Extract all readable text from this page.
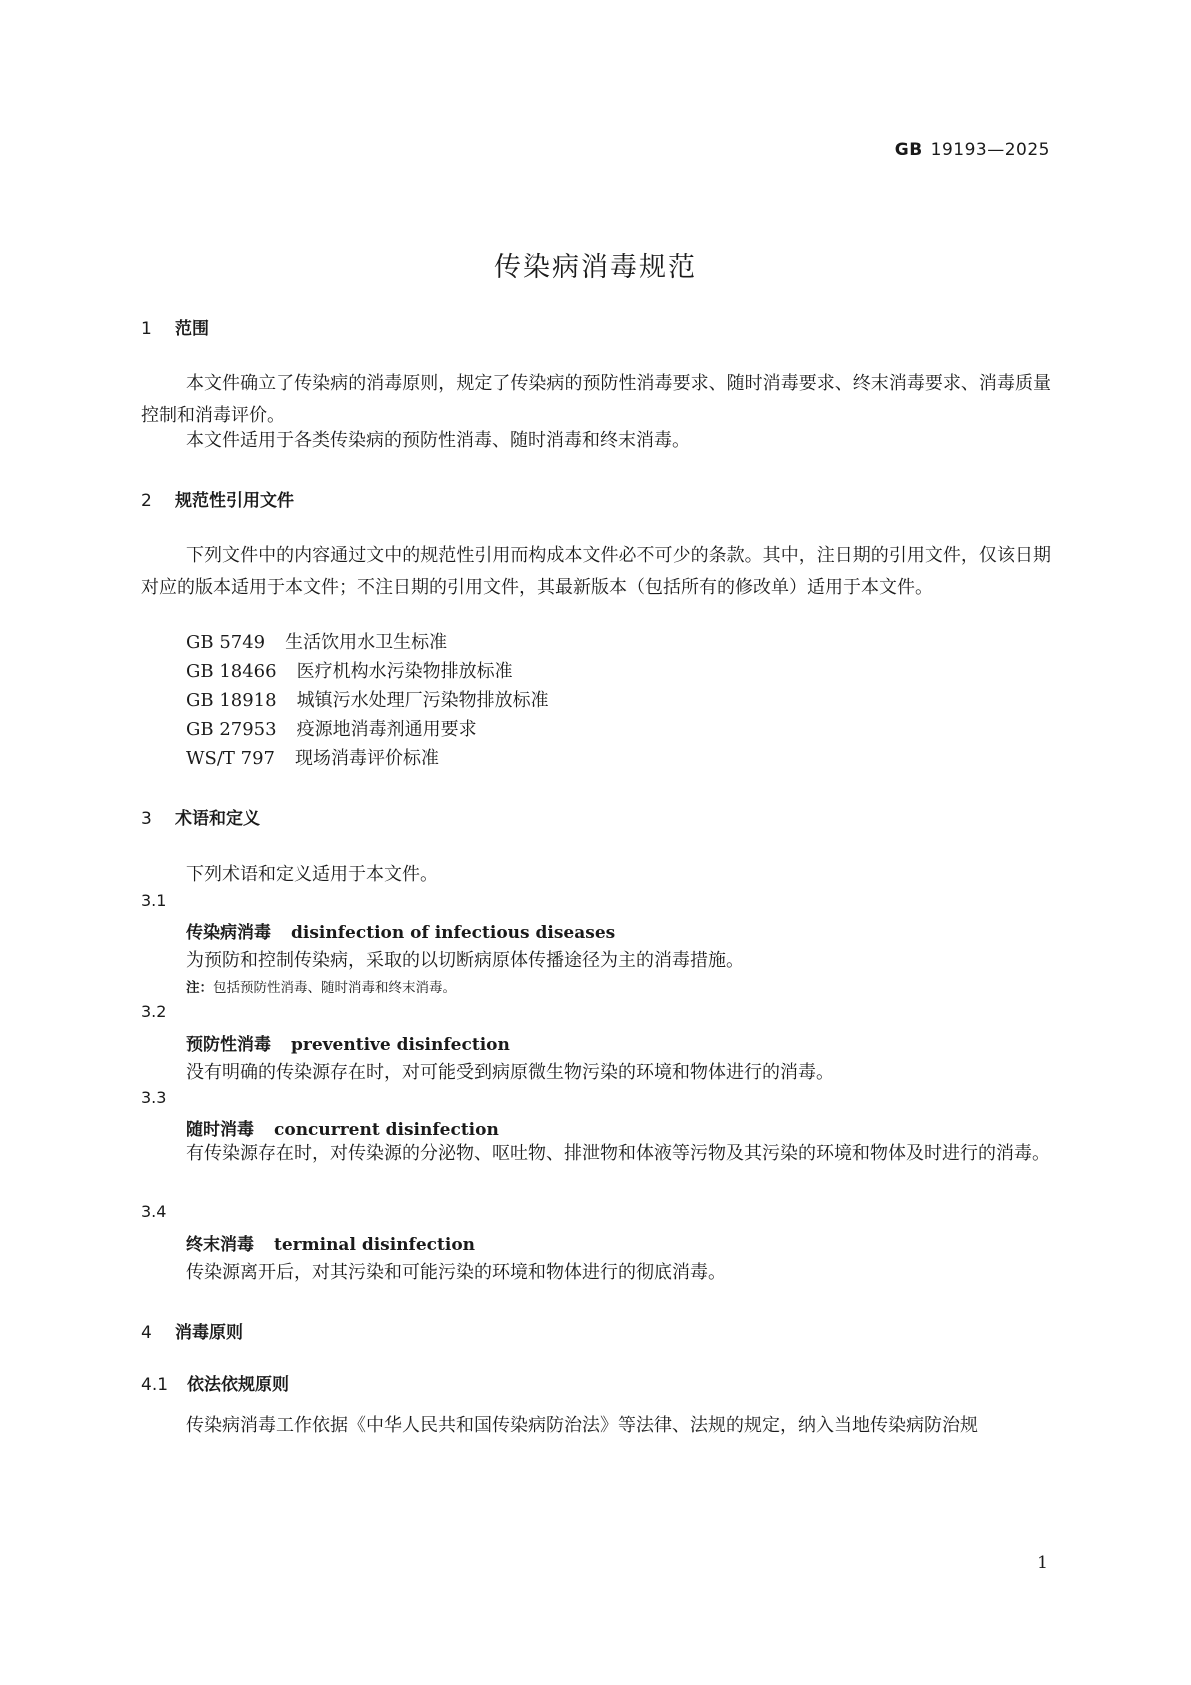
GB 19193—2025
传染病消毒规范
1 范围
本文件确立了传染病的消毒原则，规定了传染病的预防性消毒要求、随时消毒要求、终末消毒要求、消毒质量控制和消毒评价。
本文件适用于各类传染病的预防性消毒、随时消毒和终末消毒。
2 规范性引用文件
下列文件中的内容通过文中的规范性引用而构成本文件必不可少的条款。其中，注日期的引用文件，仅该日期对应的版本适用于本文件；不注日期的引用文件，其最新版本（包括所有的修改单）适用于本文件。
GB 5749 生活饮用水卫生标准
GB 18466 医疗机构水污染物排放标准
GB 18918 城镇污水处理厂污染物排放标准
GB 27953 疫源地消毒剂通用要求
WS/T 797 现场消毒评价标准
3 术语和定义
下列术语和定义适用于本文件。
3.1
传染病消毒 disinfection of infectious diseases
为预防和控制传染病，采取的以切断病原体传播途径为主的消毒措施。
注：包括预防性消毒、随时消毒和终末消毒。
3.2
预防性消毒 preventive disinfection
没有明确的传染源存在时，对可能受到病原微生物污染的环境和物体进行的消毒。
3.3
随时消毒 concurrent disinfection
有传染源存在时，对传染源的分泌物、呕吐物、排泄物和体液等污物及其污染的环境和物体及时进行的消毒。
3.4
终末消毒 terminal disinfection
传染源离开后，对其污染和可能污染的环境和物体进行的彻底消毒。
4 消毒原则
4.1 依法依规原则
传染病消毒工作依据《中华人民共和国传染病防治法》等法律、法规的规定，纳入当地传染病防治规
1
